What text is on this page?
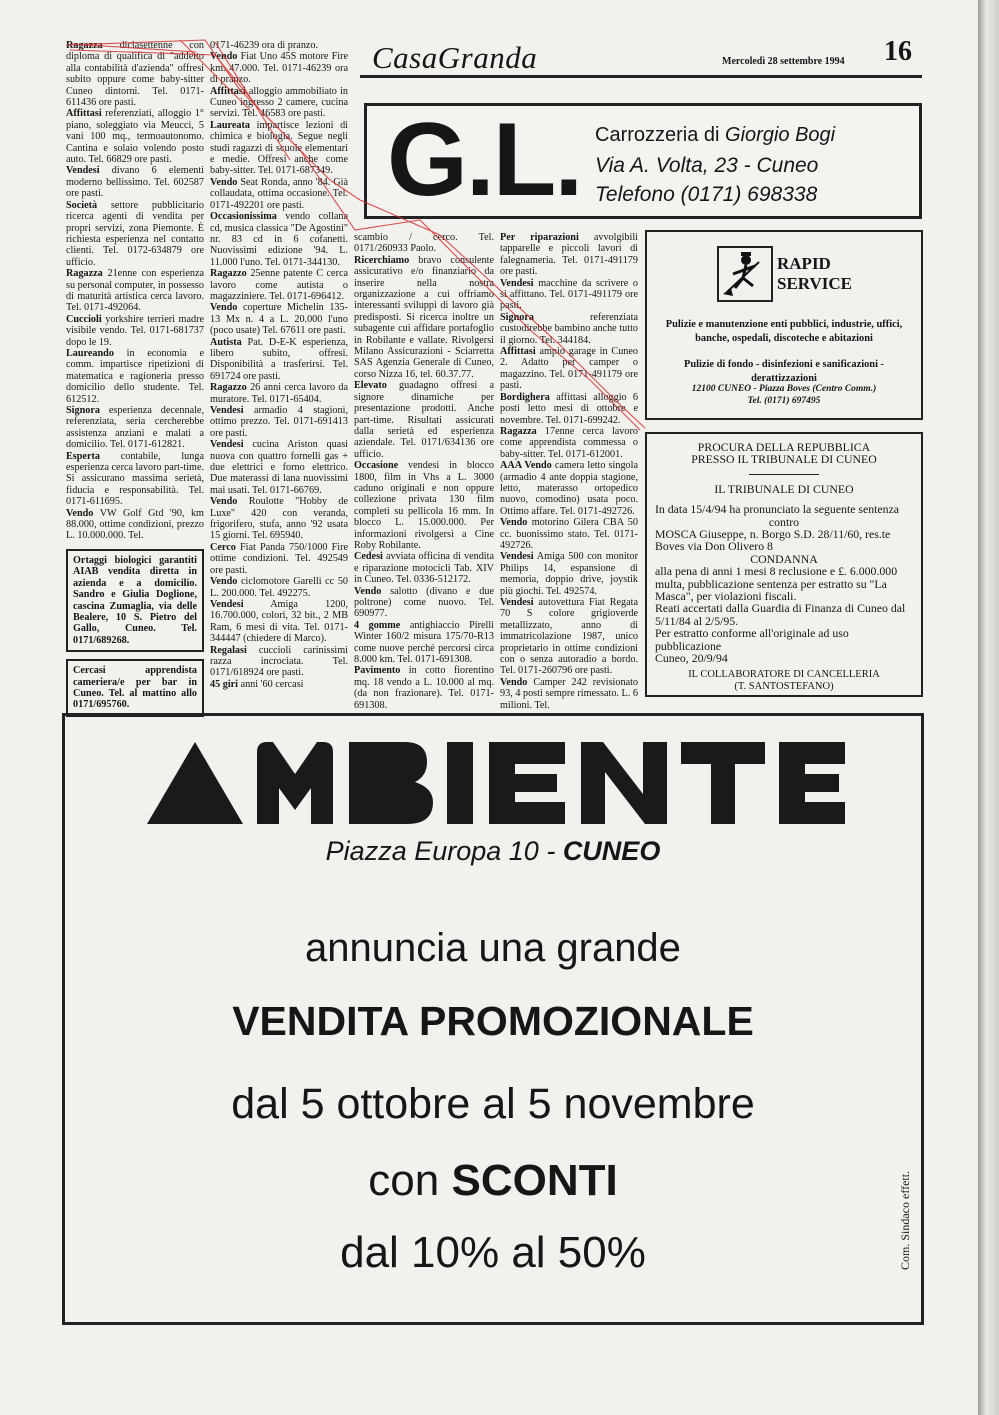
Ragazza diciasettenne con diploma di qualifica di "addetto alla contabilità d'azienda" offresi subito oppure come baby-sitter Cuneo dintorni. Tel. 0171-611436 ore pasti.

Affittasi referenziati, alloggio 1° piano, soleggiato via Meucci, 5 vani 100 mq., termoautonomo. Cantina e solaio volendo posto auto. Tel. 66829 ore pasti.

Vendesi divano 6 elementi moderno bellissimo. Tel. 602587 ore pasti.

Società settore pubblicitario ricerca agenti di vendita per propri servizi, zona Piemonte. È richiesta esperienza nel contatto clienti. Tel. 0172-634879 ore ufficio.

Ragazza 21enne con esperienza su personal computer, in possesso di maturità artistica cerca lavoro. Tel. 0171-492064.

Cuccioli yorkshire terrieri madre visibile vendo. Tel. 0171-681737 dopo le 19.

Laureando in economia e comm. impartisce ripetizioni di matematica e ragioneria presso domicilio dello studente. Tel. 612512.

Signora esperienza decennale, referenziata, seria cercherebbe assistenza anziani e malati a domicilio. Tel. 0171-612821.

Esperta contabile, lunga esperienza cerca lavoro part-time. Si assicurano massima serietà, fiducia e responsabilità. Tel. 0171-611695.

Vendo VW Golf Gtd '90, km 88.000, ottime condizioni, prezzo L. 10.000.000. Tel.

Ortaggi biologici garantiti AIAB vendita diretta in azienda e a domicilio. Sandro e Giulia Doglione, cascina Zumaglia, via delle Bealere, 10 S. Pietro del Gallo, Cuneo. Tel. 0171/689268.
Cercasi apprendista cameriera/e per bar in Cuneo. Tel. al mattino allo 0171/695760.

0171-46239 ora di pranzo.

Vendo Fiat Uno 45S motore Fire km. 47.000. Tel. 0171-46239 ora di pranzo.

Affittasi alloggio ammobiliato in Cuneo ingresso 2 camere, cucina servizi. Tel. 46583 ore pasti.

Laureata impartisce lezioni di chimica e biologia. Segue negli studi ragazzi di scuole elementari e medie. Offresi anche come baby-sitter. Tel. 0171-687349.

Vendo Seat Ronda, anno '84. Già collaudata, ottima occasione. Tel. 0171-492201 ore pasti.

Occasionissima vendo collana cd, musica classica "De Agostini" nr. 83 cd in 6 cofanetti. Nuovissimi edizione '94. L. 11.000 l'uno. Tel. 0171-344130.

Ragazzo 25enne patente C cerca lavoro come autista o magazziniere. Tel. 0171-696412.

Vendo coperture Michelin 135-13 Mx n. 4 a L. 20.000 l'uno (poco usate) Tel. 67611 ore pasti.

Autista Pat. D-E-K esperienza, libero subito, offresi. Disponibilità a trasferirsi. Tel. 691724 ore pasti.

Ragazzo 26 anni cerca lavoro da muratore. Tel. 0171-65404.

Vendesi armadio 4 stagioni, ottimo prezzo. Tel. 0171-691413 ore pasti.

Vendesi cucina Ariston quasi nuova con quattro fornelli gas + due elettrici e forno elettrico. Due materassi di lana nuovissimi mai usati. Tel. 0171-66769.

Vendo Roulotte "Hobby de Luxe" 420 con veranda, frigorifero, stufa, anno '92 usata 15 giorni. Tel. 695940.

Cerco Fiat Panda 750/1000 Fire ottime condizioni. Tel. 492549 ore pasti.

Vendo ciclomotore Garelli cc 50 L. 200.000. Tel. 492275.

Vendesi	Amiga 1200, 16.700.000, colori, 32 bit., 2 MB Ram, 6 mesi di vita. Tel. 0171-344447 (chiedere di Marco).

Regalasi cuccioli carinissimi razza incrociata. Tel. 0171/618924 ore pasti.

45 giri anni '60 cercasi

scambio / cerco. Tel. 0171/260933 Paolo.

Ricerchiamo bravo consulente assicurativo e/o finanziario da inserire nella nostra organizzazione a cui offriamo interessanti sviluppi di lavoro già predisposti. Si ricerca inoltre un subagente cui affidare portafoglio in Robilante e vallate. Rivolgersi Milano Assicurazioni - Sciarretta SAS Agenzia Generale di Cuneo, corso Nizza 16, tel. 60.37.77.

Elevato guadagno offresi a signore dinamiche per presentazione prodotti. Anche part-time. Risultati assicurati dalla serietà ed esperienza aziendale. Tel. 0171/634136 ore ufficio.

Occasione vendesi in blocco 1800, film in Vhs a L. 3000 caduno originali e non oppure collezione privata 130 film completi su pellicola 16 mm. In blocco L. 15.000.000. Per informazioni rivolgersi a Cine Roby Robilante.

Cedesi avviata officina di vendita e riparazione motocicli Tab. XIV in Cuneo. Tel. 0336-512172.

Vendo salotto (divano e due poltrone) come nuovo. Tel. 690977.

4 gomme antighiaccio Pirelli Winter 160/2 misura 175/70-R13 come nuove perché percorsi circa 8.000 km. Tel. 0171-691308.

Pavimento in cotto fiorentino mq. 18 vendo a L. 10.000 al mq. (da non frazionare). Tel. 0171-691308.

Per riparazioni avvolgibili tapparelle e piccoli lavori di falegnameria. Tel. 0171-491179 ore pasti.

Vendesi macchine da scrivere o si affittano. Tel. 0171-491179 ore pasti.

Signora	referenziata custodirebbe bambino anche tutto il giorno. Tel. 344184.

Affittasi ampio garage in Cuneo 2. Adatto per camper o magazzino. Tel. 0171-491179 ore pasti.

Bordighera affittasi alloggio 6 posti letto mesi di ottobre e novembre. Tel. 0171-699242.

Ragazza 17enne cerca lavoro come apprendista commessa o baby-sitter. Tel. 0171-612001.

AAA Vendo camera letto singola (armadio 4 ante doppia stagione, letto, materasso ortopedico nuovo, comodino) usata poco. Ottimo affare. Tel. 0171-492726.

Vendo motorino Gilera CBA 50 cc. buonissimo stato. Tel. 0171-492726.

Vendesi Amiga 500 con monitor Philips 14, espansione di memoria, doppio drive, joystik più giochi. Tel. 492574.

Vendesi autovettura Fiat Regata 70 S colore grigioverde metallizzato, anno di immatricolazione 1987, unico proprietario in ottime condizioni con o senza autoradio a bordo. Tel. 0171-260796 ore pasti.

Vendo Camper 242 revisionato 93, 4 posti sempre rimessato. L. 6 milioni. Tel.

CasaGranda	Mercoledì 28 settembre 1994 16
G.L. Carrozzeria di Giorgio Bogi
Via A. Volta, 23 - Cuneo
Telefono (0171) 698338
RAPID
SERVICE
Pulizie e manutenzione enti pubblici, industrie, uffici, banche, ospedali, discoteche e abitazioni
Pulizie di fondo - disinfezioni e sanificazioni - derattizzazioni
12100 CUNEO - Piazza Boves (Centro Comm.)
Tel. (0171) 697495
PROCURA DELLA REPUBBLICA
PRESSO IL TRIBUNALE DI CUNEO
IL TRIBUNALE DI CUNEO
In data 15/4/94 ha pronunciato la seguente sentenza
contro
MOSCA Giuseppe, n. Borgo S.D. 28/11/60, res.te Boves via Don Olivero 8
CONDANNA
alla pena di anni 1 mesi 8 reclusione e £. 6.000.000 multa, pubblicazione sentenza per estratto su "La Masca", per violazioni fiscali.
Reati accertati dalla Guardia di Finanza di Cuneo dal 5/11/84 al 2/5/95.
Per estratto conforme all'originale ad uso pubblicazione
Cuneo, 20/9/94
IL COLLABORATORE DI CANCELLERIA
(T. SANTOSTEFANO)
Piazza Europa 10 - CUNEO
annuncia una grande
VENDITA PROMOZIONALE
dal 5 ottobre al 5 novembre
con SCONTI
dal 10% al 50%	Com. Sindaco effett.
